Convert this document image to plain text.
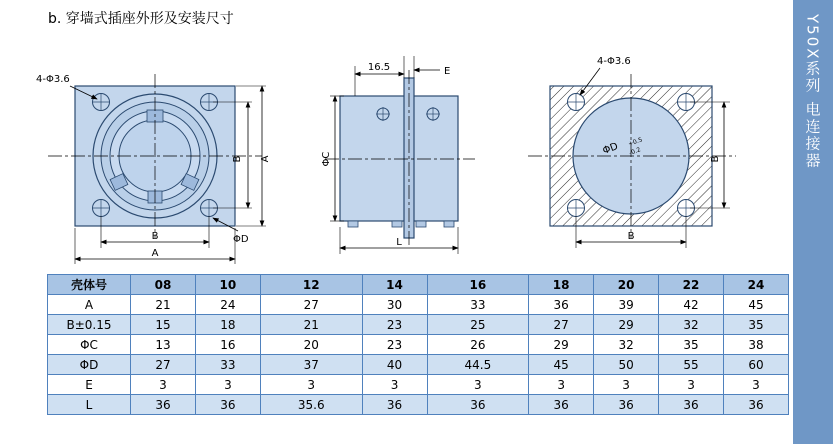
b. 穿墙式插座外形及安装尺寸	Y50X系列 电连接器
4-Φ3.6
ΦD
B A
B
A
16.5	E
ΦC
L
4-Φ3.6
ΦD +0.5
-0.2
B
B
壳体号	08	10	12	14	16	18	20	22	24
A	21	24	27	30	33	36	39	42	45
B±0.15	15	18	21	23	25	27	29	32	35
ΦC	13	16	20	23	26	29	32	35	38
ΦD	27	33	37	40	44.5	45	50	55	60
E	3	3	3	3	3	3	3	3	3
L	36	36	35.6	36	36	36	36	36	36
